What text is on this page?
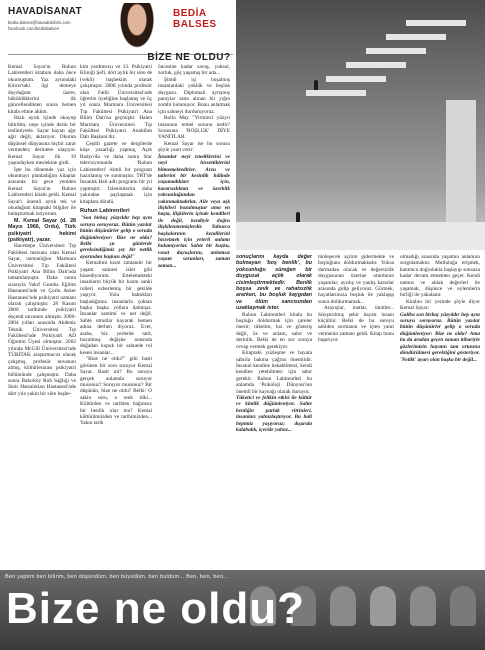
HAVADİSANAT
bedia.balses@havadiskibris.com
facebook.com/bediabalses
BEDİA
BALSES
BİZE NE OLDU?

Kemal Sayar'ın Ruhun Labirentleri kitabını daha önce okumuştum. Yaz aynındaki Kıbrıs'taki ilgi demeye duyduğum üzere, büküldüklerini ilk güncellendikten sonra hemen kitabı elime aldım.

Hızlı ayrık içinde okuyup bitirdim, neşe içinde derin bir teslimiyetle. Sayar hayatı ağır ağır değil, aktarıyor. Okurun düşünsel dünyasına hiçbir zarar vermeden; derinlere ulaşıyor. Kemal Sayar ilk 19 yaşındayken meslekine girdi.

İşte bu dönemde yaz için okunmayı planladığım kitaplar arasında bir gece yeniden Kemal Sayar'ın Ruhun Labirentleri kitabı geldi. Kemal Sayar'ı önemli ayrık tek ve okuduğum kitaptaki bilgiler ile buluşturmak istiyorum.

M. Kemal Sayar (d. 28 Mayıs 1966, Ordu), Türk psikiyatri hekimi (psikiyatr), yazar.

Hacettepe Üniversitesi Tıp Fakültesi mezunu olan Kemal Sayar, uzmanlığını Marmara Üniversitesi Tıp Fakültesi Psikiyatri Ana Bilim Dalı'nda tamamlamıştır. Daha sonra sırasıyla Vakıf Gureba Eğitim Hastanesi'nde ve Çorlu Asker Hastanesi'nde psikiyatri uzmanı olarak çalışmıştır. 28 Kasım 2000 tarihinde psikiyatri doçenti unvanını almıştır. 2000-2004 yılları arasında Akdeniz Teknik Üniversitesi Tıp Fakültesi'nde Psikiyatri AD Öğretim Üyesi olmuştur. 2002 yılında McGill Üniversitesi'nde TÜBİTAK araştırmacısı olarak çalışmış, profesör unvanını almış, kültürlerarası psikiyatri bölümünde çalışmıştır. Daha sonra Bakırköy Ruh Sağlığı ve Sinir Hastalıkları Hastanesi'nde dört yıla yakın bir süre başhe-

kim yardımcısı ve 13. Psikiyatri Kliniği Şefi, dört aylık bir süre de (vekil) başhekim olarak çalışmıştır. 2008 yılında profesör olan Fatih Üniversitesi'nde öğretim üyeliğine başlamış ve üç yıl sonra Marmara Üniversitesi Tıp Fakültesi Psikiyatri Ana Bilim Dalı'na geçmiştir. Halen Marmara Üniversitesi Tıp Fakültesi Psikiyatri Anabilim Dalı Başkanı'dır.

Çeşitli gazete ve dergilerde köşe yazarlığı yapmış, Açık Radyo'da ve daha sonra Star televizyonunda 'Ruhun Labirentleri' isimli bir program hazırlamış ve sunmuştur. TRT'de İnsanlık Hali adlı programı bir yıl yapmıştır. İzlenimlerini daha yakından paylaşmak için kitaplara döndü.

Ruhun Labirentleri
"Son birkaç yüzyıldır hep aynı soruyu soruyoruz. Bütün yazılar bütün düşünürler gelip o soruda düğümleniyor: Bize ne oldu? Belki şu günlerde gereksindiğimiz şey bir netlik ayarından başkası değil"

Kemalimi kısm zamandır bir yaşam sahnesi izler gibi hissediyorum. Ertelemekteki insanların büyük bir kısmı sanki rolleri ezberlemiş bir şekilde yaşıyor. Yola baktıkları başladığımız insanlarla çoktan başka başka yollara dalmışız. İnsanlar samimi ve net değil. Sahte umutlar kayarak hemen adına derhen diyoruz. Evet, araba, biz yerlerde tatil, bozulmuş değişke arasında doğadan kopuk bir sahnede rol kesen insanlar...

"Bize ne oldu?" gibi basit görünen bir soru soruyor Kemal Sayar. Basit mi? Bu soruyu gerçek anlamda soruyor musunuz? Soruyor musunuz? Bir düşünün, bize ne oldu? Belki: O sakin soru, o renk tilki... Kültürden ve tarihten bağımsız bir benlik olur mu? Kemal kültürümüzden ve tarihimizden... Yakın tarih

öncesine kadar savaş, yoksul, zorluk, göç yaşamış bir ada...

Şimdi içi boşalmış insanlardaki yoklük ve boşluk duygusu. Diplomalı ayrışmış paraylar satın alınan bir yığın zombi bulunuyor. Bunu anlatmak için sahneyi durduruyoruz.

Rollo May "Yirminci yüzyıl insanının temel sorunu nedir? Sorusuna 'BOŞLUK' DİYE YANITLAR.

Kemal Sayar ise bu sorusu şöyle yanıt verir:

İnsanlar neyi istediklerini ve neyi hissettiklerini bilmemektedirler. Arzu ve tatlerini bir kesinlik hâlinde yaşamadıkları için, kararsızlıktan ve özerklik yoksunluğundan yakınmaktadırlar. Aile veya aşk ilişkileri bozulmuştur ama en başta, ilişkilerin içinde kendileri ile değil, kendiyle doğru ilişkilenmemişlerdir. Yalnızca başkalarının kendilerini hissetmek için yeterli anlamı bulamıyorlar. Sahte bir kuşku, vasat duyuşlarını, anlamsız yaşam sorunları, zaman zaman...

sonuçlarını kayda değer bulmayan 'boş benlik', bu yoksunluğu süreğen bir duygusal açlık olarak cisimleştirmektedir. Benlik boşsa zevk ve rahatsızlık ararken, bu boşluk kaygıdan ve ölüm sancısından uzaklaşmak ister.

Ruhun Labirentleri kitabı bu boşluğu doldurmak için çareler önerir; tüketim, hız ve gösteriş değil, öz ve anlam, sabır ve derinlik. Belki de en zor soruya cevap vermek gerekiyor.

Kitaptaki yüzleşme ve hayata sabırla bakma çağrısı önemlidir. İnsanın kendine bakabilmesi, kendi kendine yetebilmesi için sabır gerekir. Ruhun Labirentleri bu anlamda 'Psikoloji Dünyası'nın önemli bir kaynağı olarak duruyor.

Tüketici ve felikin etkisi ile kültür ve kimlik düğümleniyor. Sahte benliğin parlak vitrinleri, insanları yalnızlaştırıyor. Bu hali hepimiz yaşıyoruz; dışarıda kalabalık, içeride yalnız...

tünleşecek açılım gidermekte ve boşluğunu doldurmaktadır. Yoksa durmadan olacak ve değersizlik duygusunun üzerine oturduran yaşamlar; ayrılış ve yanlış kararlar arasında gidip geliyoruz. Görmek, hayatlarımıza boşluk ile yaklaşıp sonra doldurmamak...

Arayışlar, inatlar, ümitler... Sıkıştırılmış şehir hayatı insanı küçültür. Belki de bu soruyu sahiden sormanın ve içten yanıt vermenin zamanı geldi. Kitap bunu başarıyor.

olmadığı arasında yaşamın anlamını sorgulamaktır. Mutluluğa erişmek, kanımca doğrulukla başlayıp sonsuza kadar devam etmekten geçer. Kendi namus ve ahlak değerleri ile yaşamak, düşünce ve eylemlerin birliği ile yakalanır.

Kitabın bir yerinde şöyle diyor Kemal Sayar:

Galiba son birkaç yüzyıldır hep aynı soruyu soruyoruz. Bütün yazılar bütün düşünürler gelip o soruda düğümleniyor: Bize ne oldu? Ama bu da aradan geçen zaman itibariyle gözlerimizin hayatın tam ortasına döndürülmesi gerektiğini gösteriyor. 'Netlik' ayarı olan başka bir değil...
Ben yaptım ben bilirim, ben düşündüm, ben büyüdüm, ben buldum... Ben, ben, ben...
Bize ne oldu?
